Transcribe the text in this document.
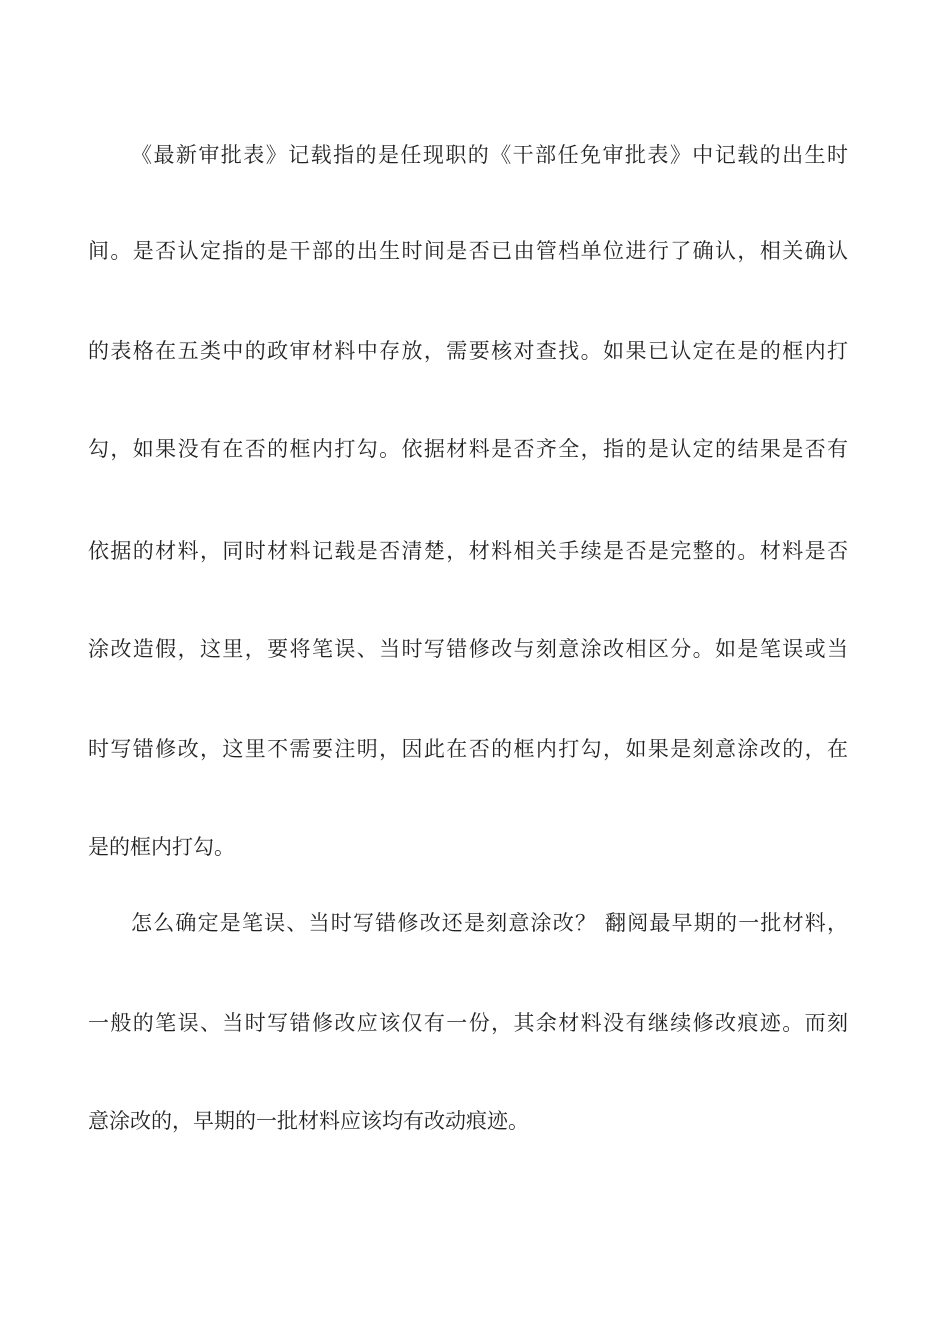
《最新审批表》记载指的是任现职的《干部任免审批表》中记载的出生时
间。是否认定指的是干部的出生时间是否已由管档单位进行了确认，相关确认
的表格在五类中的政审材料中存放，需要核对查找。如果已认定在是的框内打
勾，如果没有在否的框内打勾。依据材料是否齐全，指的是认定的结果是否有
依据的材料，同时材料记载是否清楚，材料相关手续是否是完整的。材料是否
涂改造假，这里，要将笔误、当时写错修改与刻意涂改相区分。如是笔误或当
时写错修改，这里不需要注明，因此在否的框内打勾，如果是刻意涂改的，在
是的框内打勾。
怎么确定是笔误、当时写错修改还是刻意涂改？ 翻阅最早期的一批材料，
一般的笔误、当时写错修改应该仅有一份，其余材料没有继续修改痕迹。而刻
意涂改的，早期的一批材料应该均有改动痕迹。
